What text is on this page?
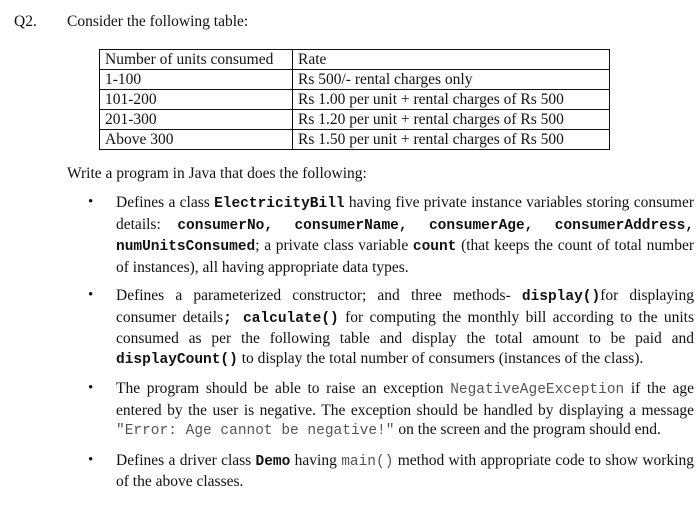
Q2. Consider the following table:
Number of units consumed	Rate
1-100	Rs 500/- rental charges only
101-200	Rs 1.00 per unit + rental charges of Rs 500
201-300	Rs 1.20 per unit + rental charges of Rs 500
Above 300	Rs 1.50 per unit + rental charges of Rs 500
Write a program in Java that does the following:
• Defines a class ElectricityBill having five private instance variables storing consumer details: consumerNo, consumerName, consumerAge, consumerAddress, numUnitsConsumed; a private class variable count (that keeps the count of total number of instances), all having appropriate data types.
• Defines a parameterized constructor; and three methods- display()for displaying consumer details; calculate() for computing the monthly bill according to the units consumed as per the following table and display the total amount to be paid and displayCount() to display the total number of consumers (instances of the class).
• The program should be able to raise an exception NegativeAgeException if the age entered by the user is negative. The exception should be handled by displaying a message "Error: Age cannot be negative!" on the screen and the program should end.
• Defines a driver class Demo having main() method with appropriate code to show working of the above classes.
